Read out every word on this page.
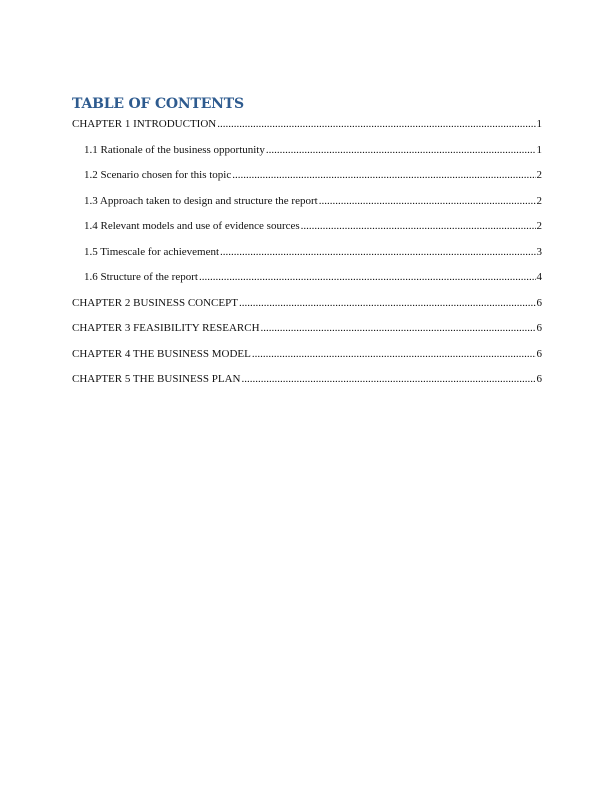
TABLE OF CONTENTS
CHAPTER 1 INTRODUCTION .....	1
1.1 Rationale of the business opportunity .....	1
1.2 Scenario chosen for this topic .....	2
1.3 Approach taken to design and structure the report .....	2
1.4 Relevant models and use of evidence sources .....	2
1.5 Timescale for achievement .....	3
1.6 Structure of the report .....	4
CHAPTER 2 BUSINESS CONCEPT .....	6
CHAPTER 3 FEASIBILITY RESEARCH .....	6
CHAPTER 4 THE BUSINESS MODEL .....	6
CHAPTER 5 THE BUSINESS PLAN .....	6
